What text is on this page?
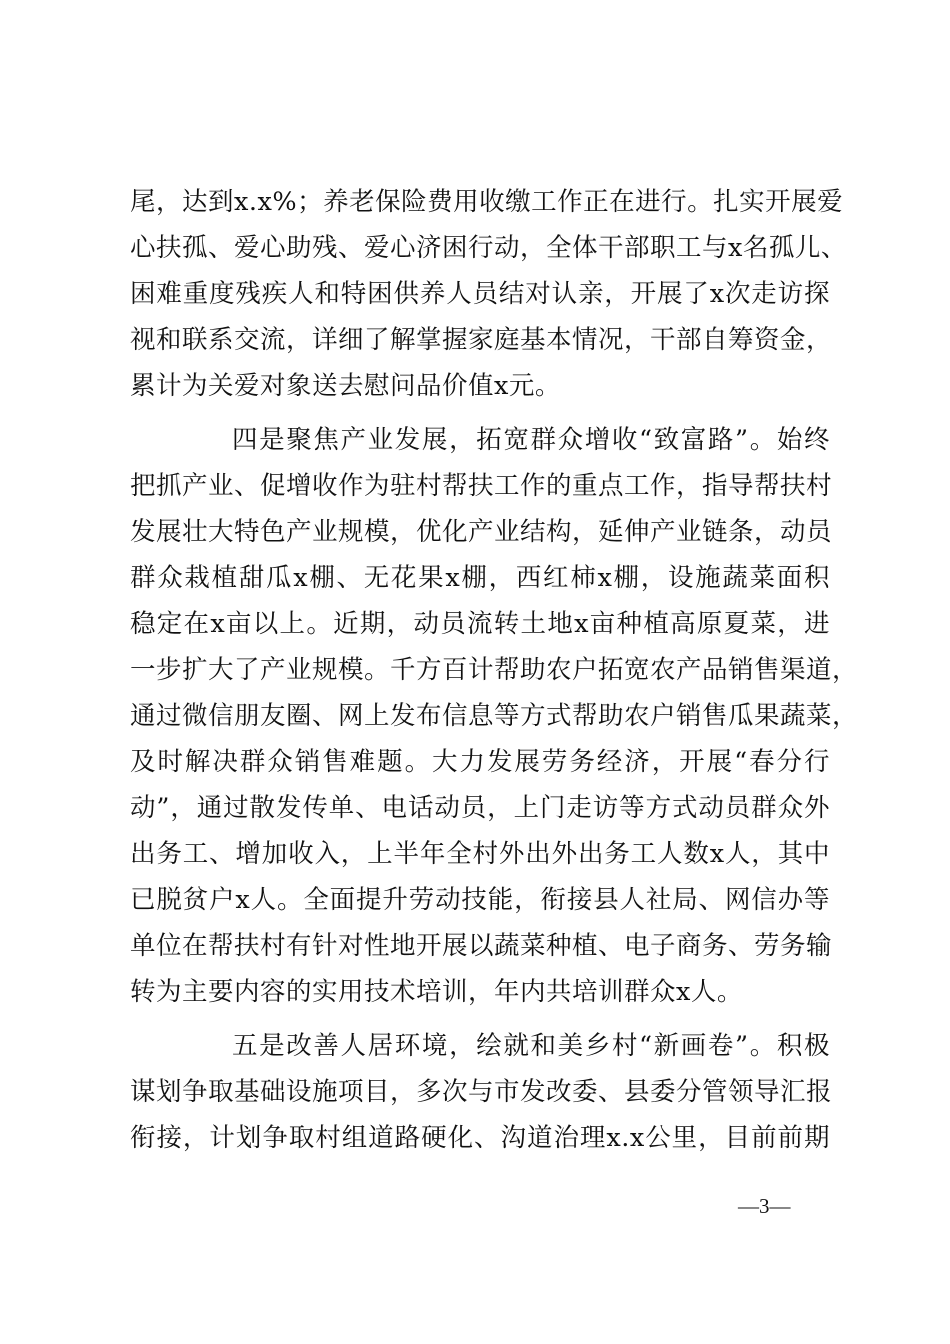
尾，达到x.x%；养老保险费用收缴工作正在进行。扎实开展爱
心扶孤、爱心助残、爱心济困行动，全体干部职工与x名孤儿、
困难重度残疾人和特困供养人员结对认亲，开展了x次走访探
视和联系交流，详细了解掌握家庭基本情况，干部自筹资金，
累计为关爱对象送去慰问品价值x元。
四是聚焦产业发展，拓宽群众增收“致富路”。始终
把抓产业、促增收作为驻村帮扶工作的重点工作，指导帮扶村
发展壮大特色产业规模，优化产业结构，延伸产业链条，动员
群众栽植甜瓜x棚、无花果x棚，西红柿x棚，设施蔬菜面积
稳定在x亩以上。近期，动员流转土地x亩种植高原夏菜，进
一步扩大了产业规模。千方百计帮助农户拓宽农产品销售渠道，
通过微信朋友圈、网上发布信息等方式帮助农户销售瓜果蔬菜，
及时解决群众销售难题。大力发展劳务经济，开展“春分行
动”，通过散发传单、电话动员，上门走访等方式动员群众外
出务工、增加收入，上半年全村外出外出务工人数x人，其中
已脱贫户x人。全面提升劳动技能，衔接县人社局、网信办等
单位在帮扶村有针对性地开展以蔬菜种植、电子商务、劳务输
转为主要内容的实用技术培训，年内共培训群众x人。
五是改善人居环境，绘就和美乡村“新画卷”。积极
谋划争取基础设施项目，多次与市发改委、县委分管领导汇报
衔接，计划争取村组道路硬化、沟道治理x.x公里，目前前期
—3—
